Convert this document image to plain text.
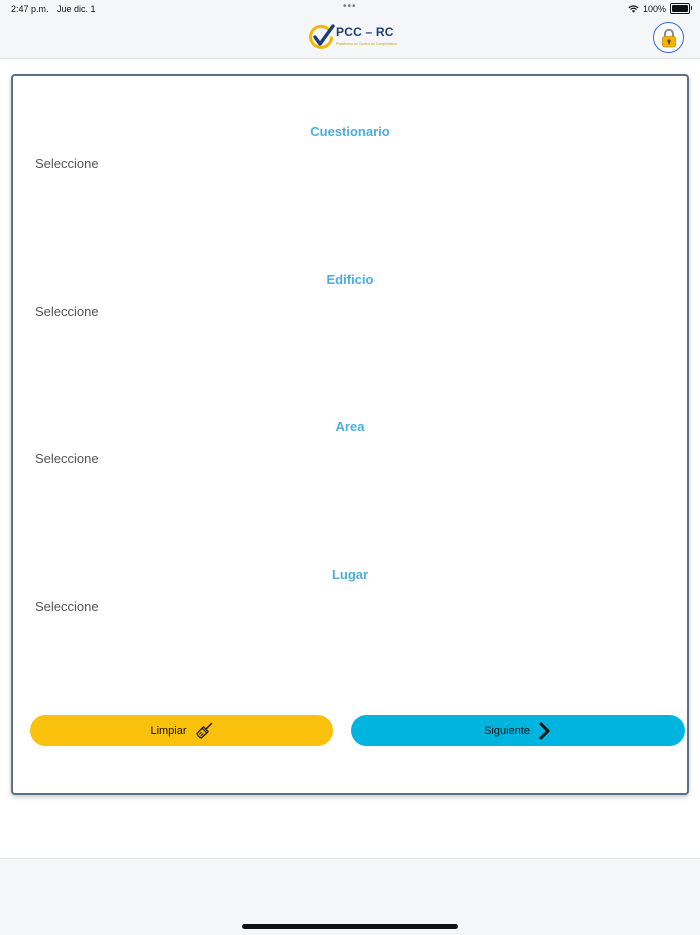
2:47 p.m. Jue dic. 1	•••	100%
PCC – RC
Plataforma de Control de Cumplimiento
Cuestionario
Seleccione
Edificio
Seleccione
Area
Seleccione
Lugar
Seleccione
Limpiar	Siguiente
